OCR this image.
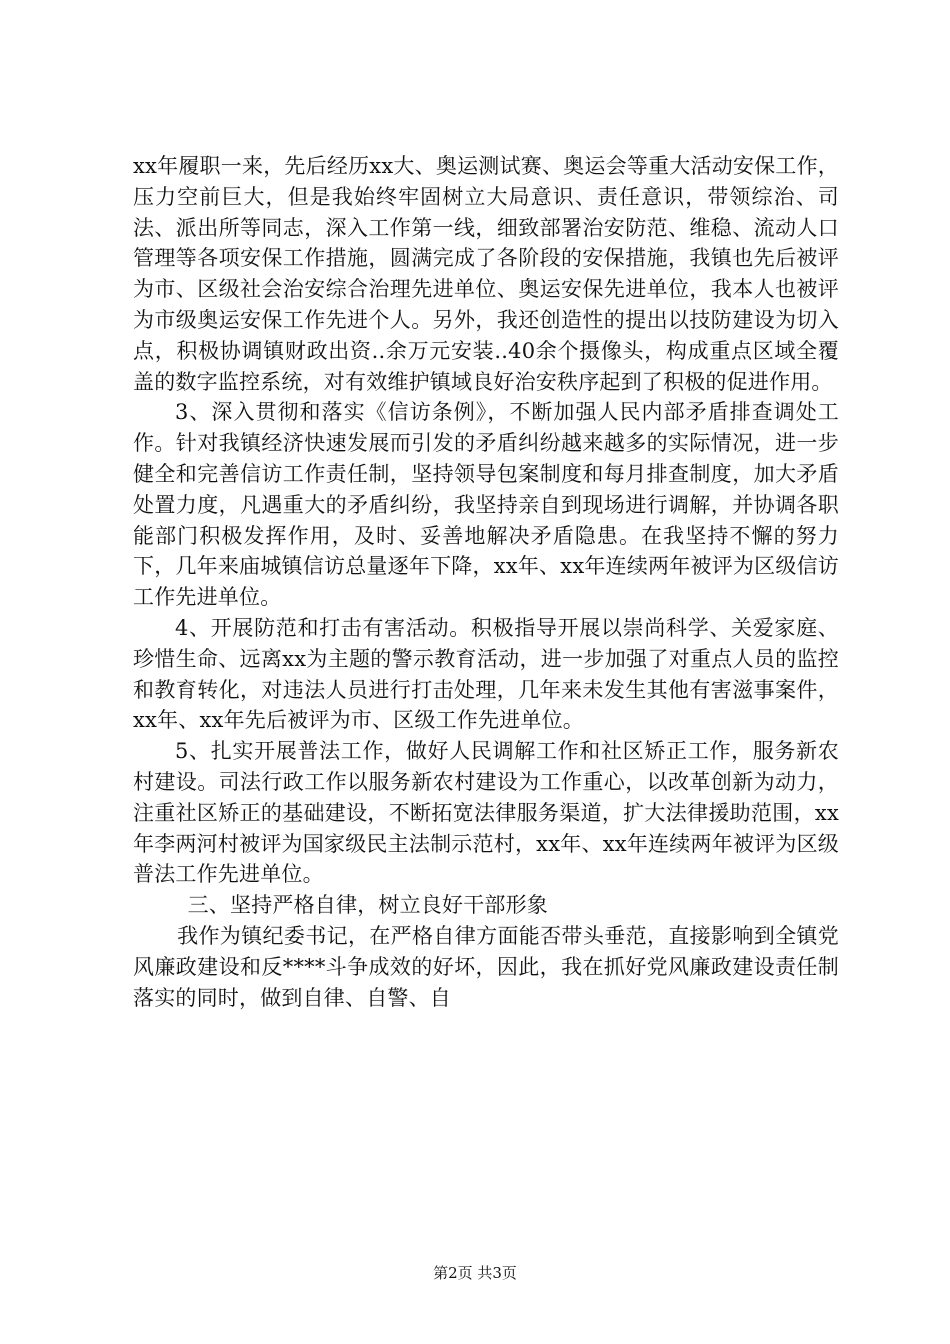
xx年履职一来，先后经历xx大、奥运测试赛、奥运会等重大活动安保工作，压力空前巨大，但是我始终牢固树立大局意识、责任意识，带领综治、司法、派出所等同志，深入工作第一线，细致部署治安防范、维稳、流动人口管理等各项安保工作措施，圆满完成了各阶段的安保措施，我镇也先后被评为市、区级社会治安综合治理先进单位、奥运安保先进单位，我本人也被评为市级奥运安保工作先进个人。另外，我还创造性的提出以技防建设为切入点，积极协调镇财政出资..余万元安装..40余个摄像头，构成重点区域全覆盖的数字监控系统，对有效维护镇域良好治安秩序起到了积极的促进作用。

3、深入贯彻和落实《信访条例》，不断加强人民内部矛盾排查调处工作。针对我镇经济快速发展而引发的矛盾纠纷越来越多的实际情况，进一步健全和完善信访工作责任制，坚持领导包案制度和每月排查制度，加大矛盾处置力度，凡遇重大的矛盾纠纷，我坚持亲自到现场进行调解，并协调各职能部门积极发挥作用，及时、妥善地解决矛盾隐患。在我坚持不懈的努力下，几年来庙城镇信访总量逐年下降，xx年、xx年连续两年被评为区级信访工作先进单位。

4、开展防范和打击有害活动。积极指导开展以崇尚科学、关爱家庭、珍惜生命、远离xx为主题的警示教育活动，进一步加强了对重点人员的监控和教育转化，对违法人员进行打击处理，几年来未发生其他有害滋事案件，xx年、xx年先后被评为市、区级工作先进单位。

5、扎实开展普法工作，做好人民调解工作和社区矫正工作，服务新农村建设。司法行政工作以服务新农村建设为工作重心，以改革创新为动力，注重社区矫正的基础建设，不断拓宽法律服务渠道，扩大法律援助范围，xx年李两河村被评为国家级民主法制示范村，xx年、xx年连续两年被评为区级普法工作先进单位。

三、坚持严格自律，树立良好干部形象

我作为镇纪委书记，在严格自律方面能否带头垂范，直接影响到全镇党风廉政建设和反****斗争成效的好坏，因此，我在抓好党风廉政建设责任制落实的同时，做到自律、自警、自

第2页 共3页
